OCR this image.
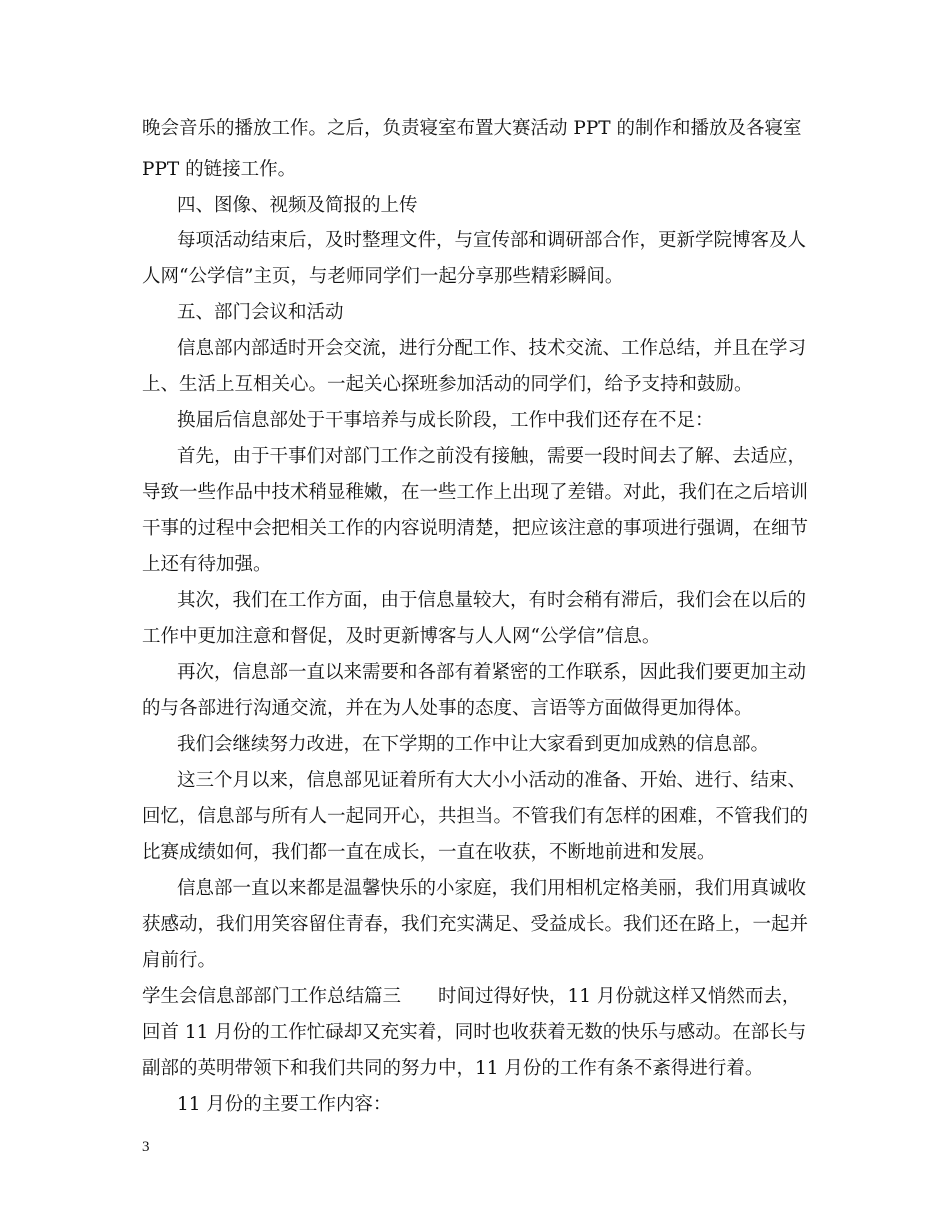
晚会音乐的播放工作。之后，负责寝室布置大赛活动 PPT 的制作和播放及各寝室
PPT 的链接工作。
四、图像、视频及简报的上传
每项活动结束后，及时整理文件，与宣传部和调研部合作，更新学院博客及人
人网“公学信”主页，与老师同学们一起分享那些精彩瞬间。
五、部门会议和活动
信息部内部适时开会交流，进行分配工作、技术交流、工作总结，并且在学习
上、生活上互相关心。一起关心探班参加活动的同学们，给予支持和鼓励。
换届后信息部处于干事培养与成长阶段，工作中我们还存在不足：
首先，由于干事们对部门工作之前没有接触，需要一段时间去了解、去适应，
导致一些作品中技术稍显稚嫩，在一些工作上出现了差错。对此，我们在之后培训
干事的过程中会把相关工作的内容说明清楚，把应该注意的事项进行强调，在细节
上还有待加强。
其次，我们在工作方面，由于信息量较大，有时会稍有滞后，我们会在以后的
工作中更加注意和督促，及时更新博客与人人网“公学信”信息。
再次，信息部一直以来需要和各部有着紧密的工作联系，因此我们要更加主动
的与各部进行沟通交流，并在为人处事的态度、言语等方面做得更加得体。
我们会继续努力改进，在下学期的工作中让大家看到更加成熟的信息部。
这三个月以来，信息部见证着所有大大小小活动的准备、开始、进行、结束、
回忆，信息部与所有人一起同开心，共担当。不管我们有怎样的困难，不管我们的
比赛成绩如何，我们都一直在成长，一直在收获，不断地前进和发展。
信息部一直以来都是温馨快乐的小家庭，我们用相机定格美丽，我们用真诚收
获感动，我们用笑容留住青春，我们充实满足、受益成长。我们还在路上，一起并
肩前行。
学生会信息部部门工作总结篇三　　时间过得好快，11 月份就这样又悄然而去，
回首 11 月份的工作忙碌却又充实着，同时也收获着无数的快乐与感动。在部长与
副部的英明带领下和我们共同的努力中，11 月份的工作有条不紊得进行着。
11 月份的主要工作内容：
3
